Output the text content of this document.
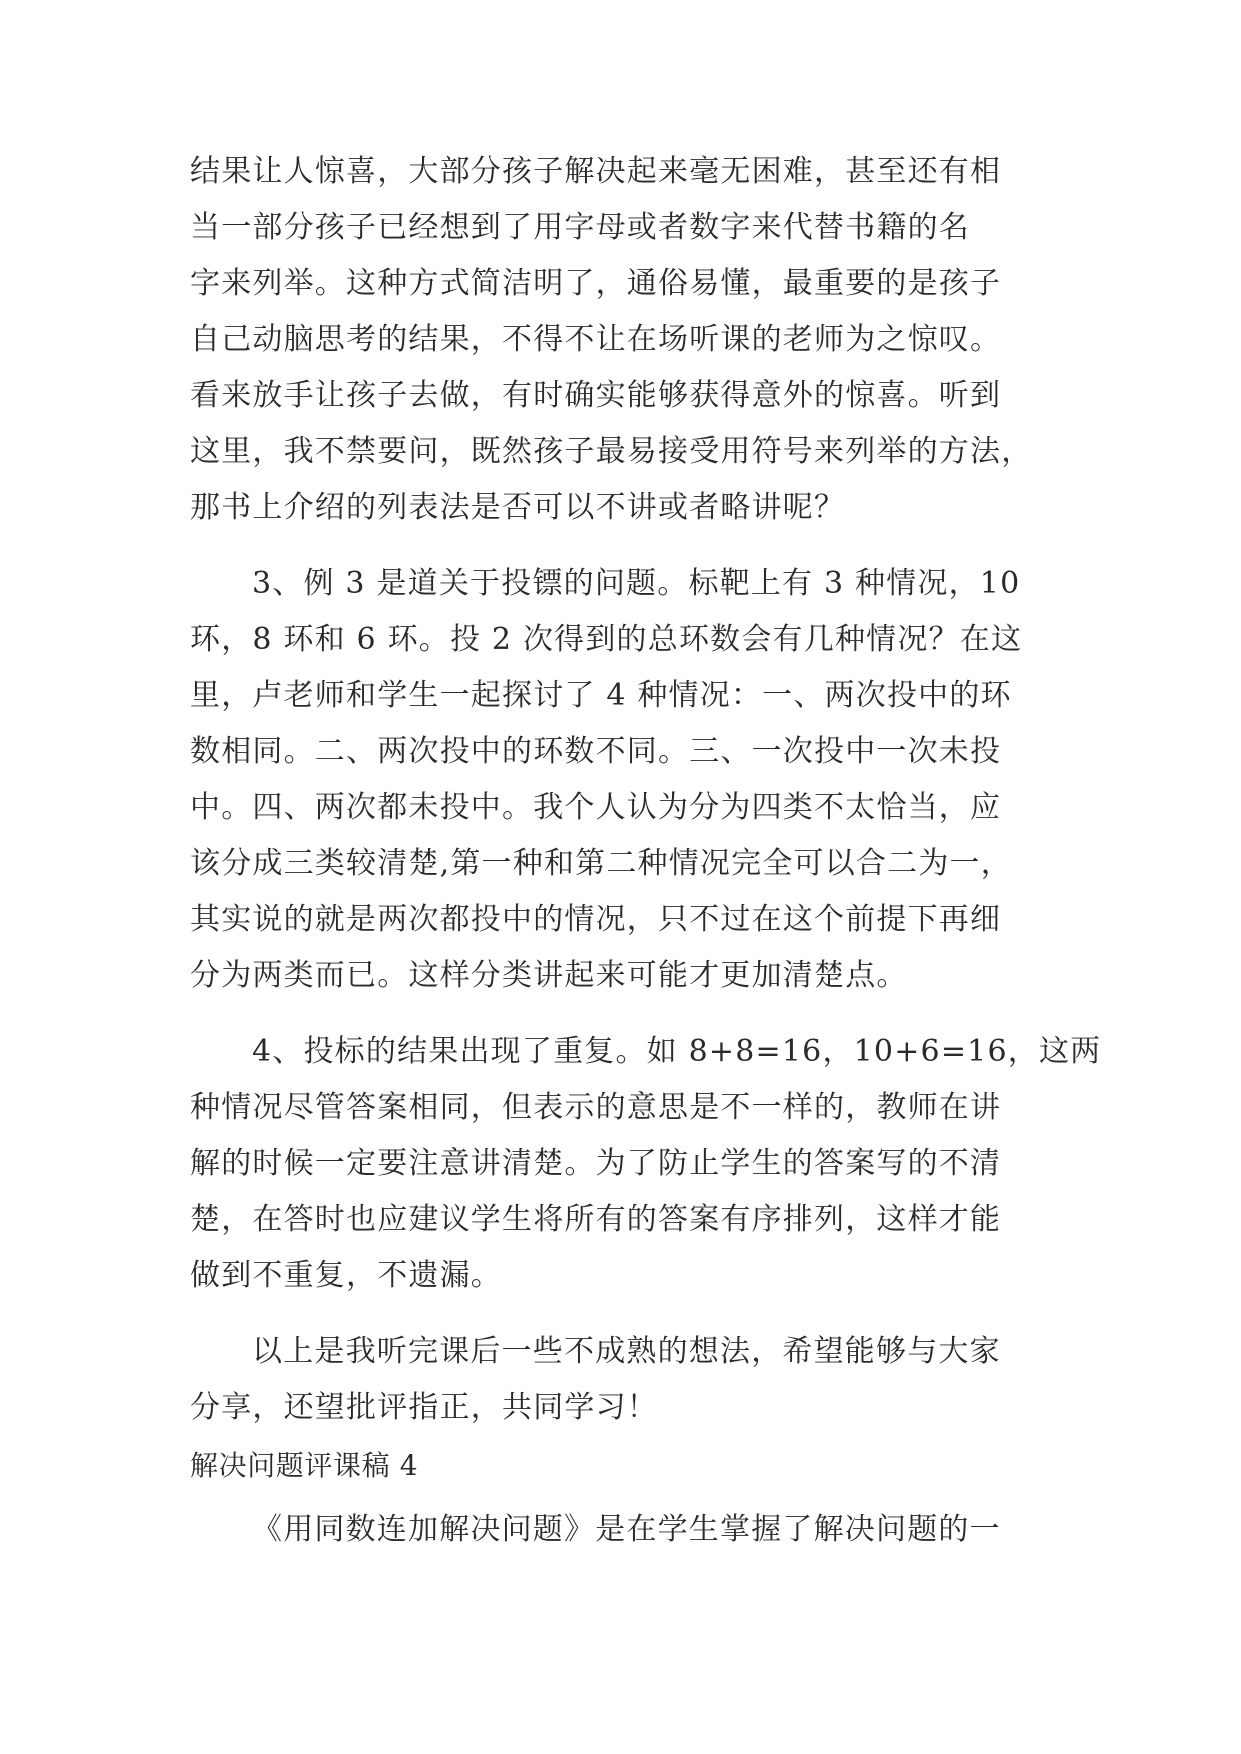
结果让人惊喜，大部分孩子解决起来毫无困难，甚至还有相
当一部分孩子已经想到了用字母或者数字来代替书籍的名
字来列举。这种方式简洁明了，通俗易懂，最重要的是孩子
自己动脑思考的结果，不得不让在场听课的老师为之惊叹。
看来放手让孩子去做，有时确实能够获得意外的惊喜。听到
这里，我不禁要问，既然孩子最易接受用符号来列举的方法，
那书上介绍的列表法是否可以不讲或者略讲呢？
3、例 3 是道关于投镖的问题。标靶上有 3 种情况，10
环，8 环和 6 环。投 2 次得到的总环数会有几种情况？在这
里，卢老师和学生一起探讨了 4 种情况：一、两次投中的环
数相同。二、两次投中的环数不同。三、一次投中一次未投
中。四、两次都未投中。我个人认为分为四类不太恰当，应
该分成三类较清楚,第一种和第二种情况完全可以合二为一，
其实说的就是两次都投中的情况，只不过在这个前提下再细
分为两类而已。这样分类讲起来可能才更加清楚点。
4、投标的结果出现了重复。如 8+8=16，10+6=16，这两
种情况尽管答案相同，但表示的意思是不一样的，教师在讲
解的时候一定要注意讲清楚。为了防止学生的答案写的不清
楚，在答时也应建议学生将所有的答案有序排列，这样才能
做到不重复，不遗漏。
以上是我听完课后一些不成熟的想法，希望能够与大家
分享，还望批评指正，共同学习！
解决问题评课稿 4
《用同数连加解决问题》是在学生掌握了解决问题的一
